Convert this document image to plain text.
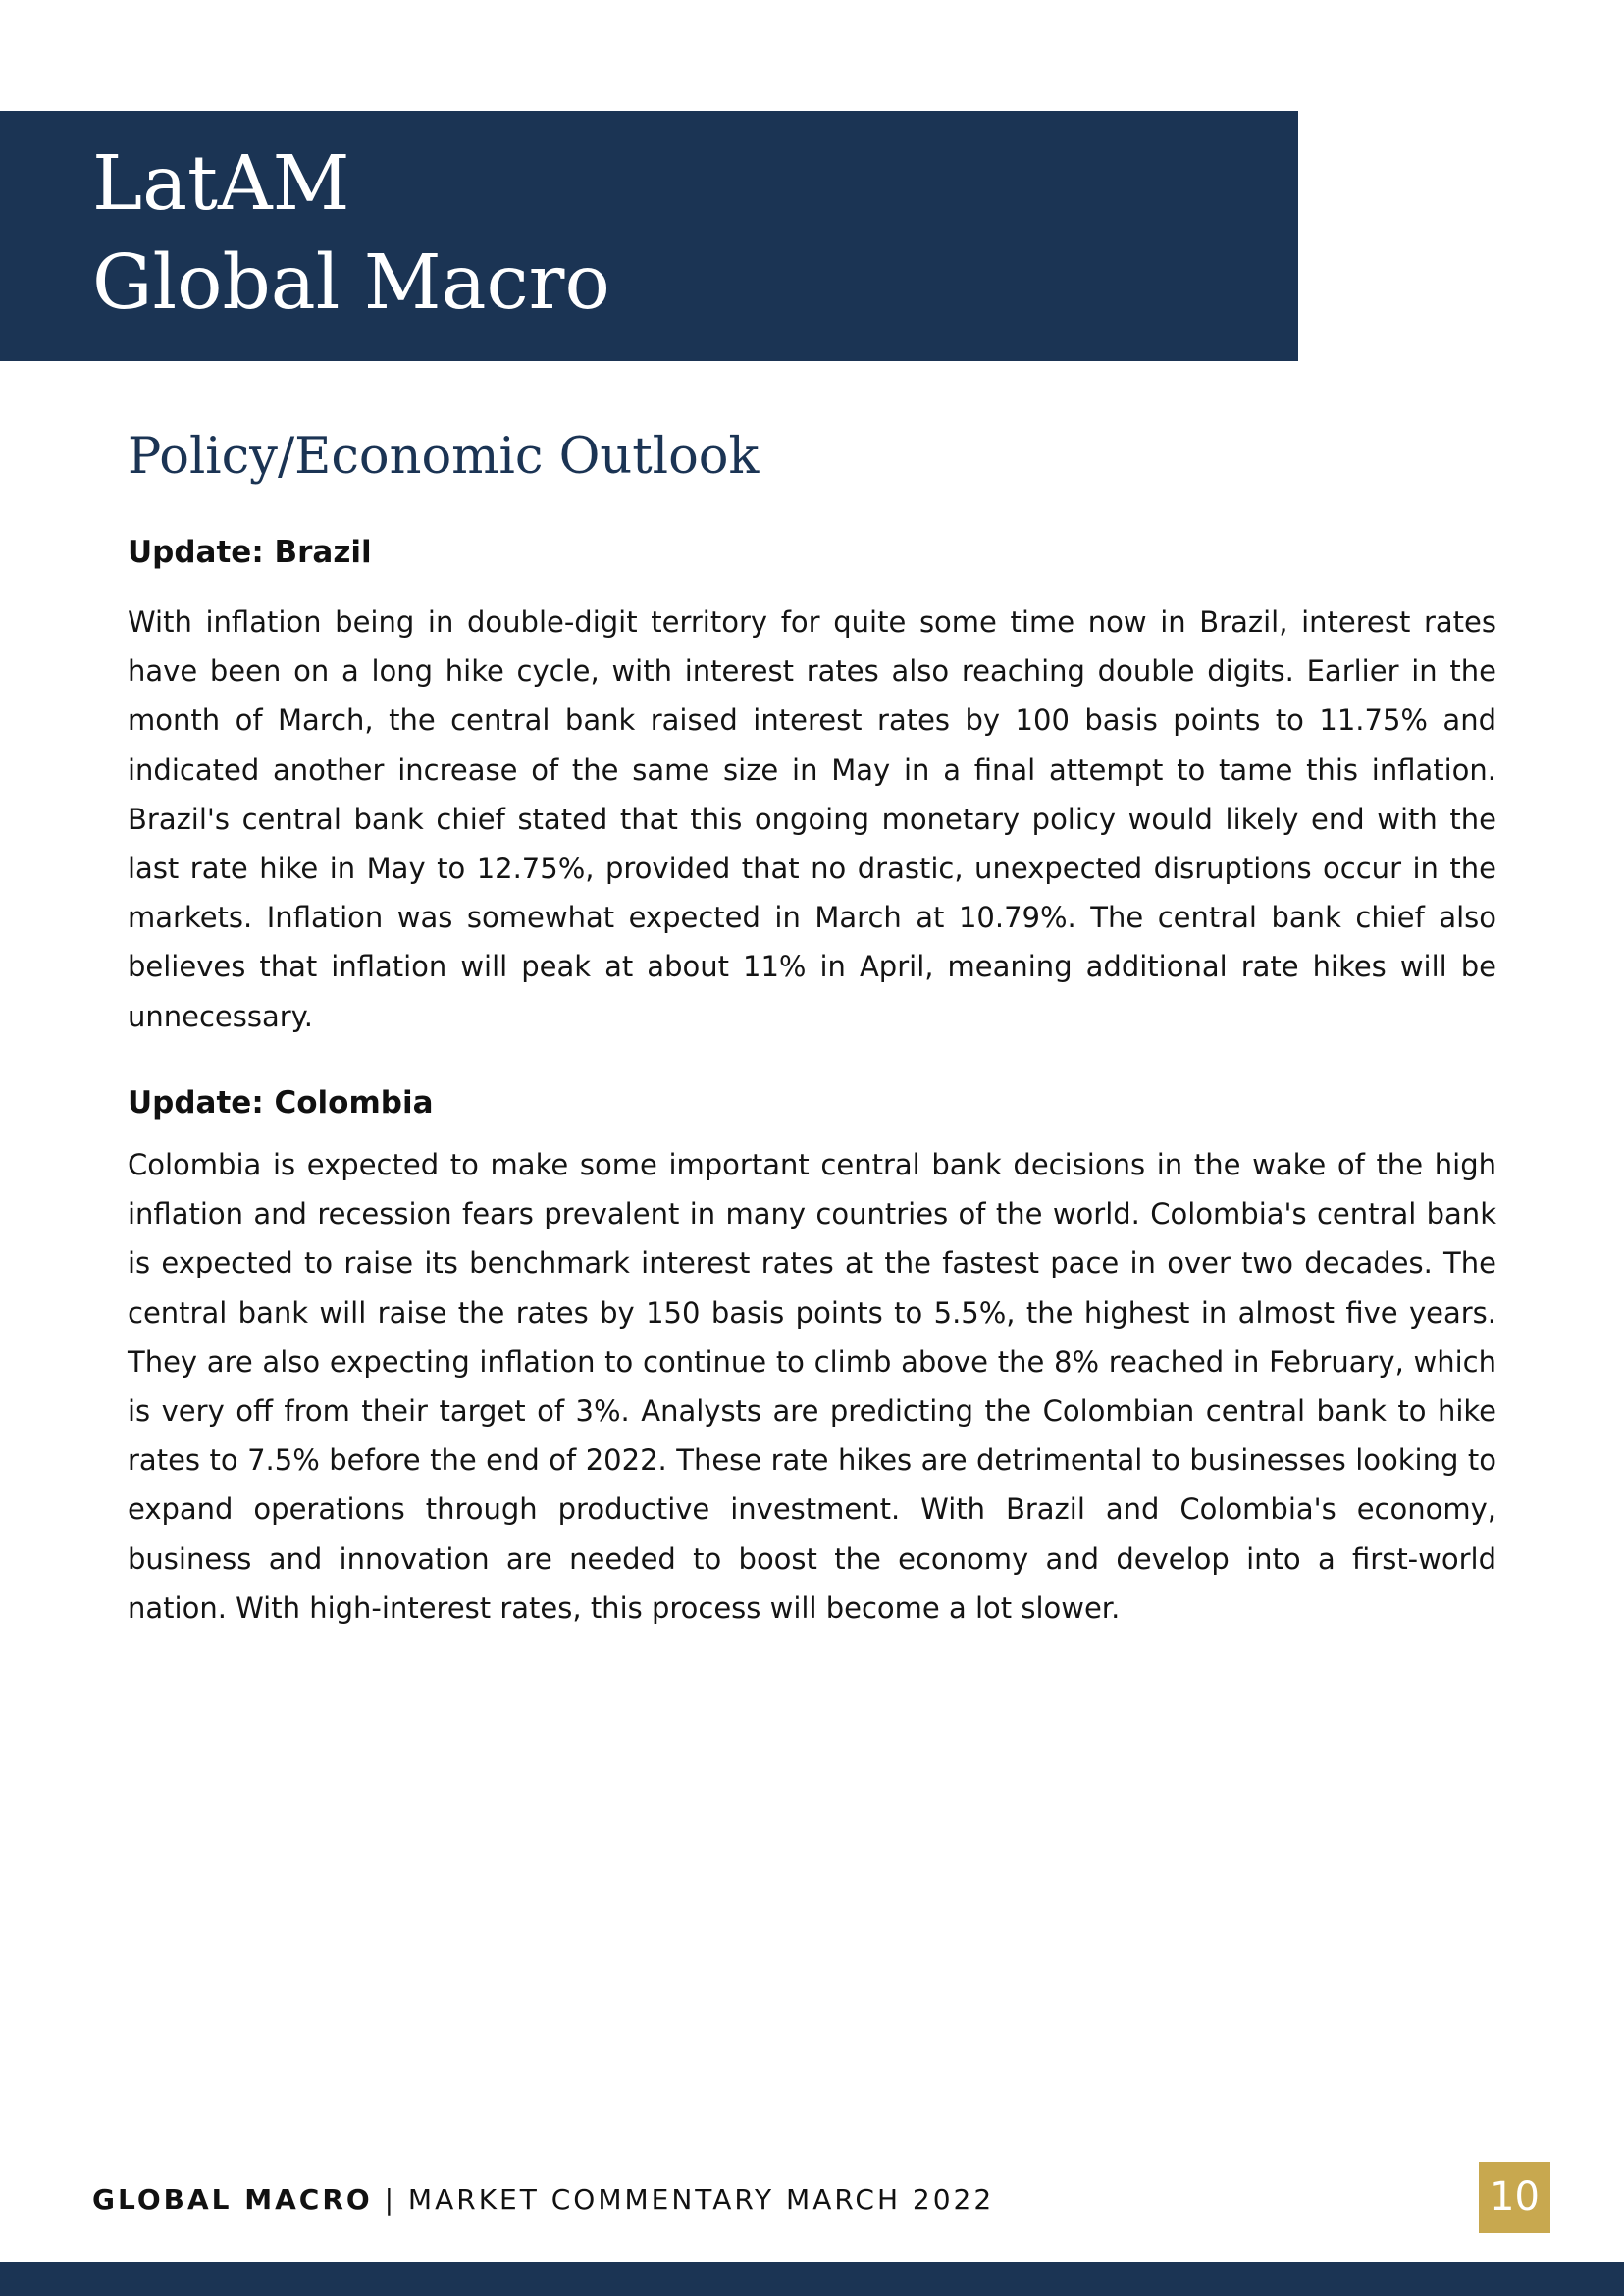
LatAM
Global Macro
Policy/Economic Outlook
Update: Brazil

With inflation being in double-digit territory for quite some time now in Brazil, interest rates have been on a long hike cycle, with interest rates also reaching double digits. Earlier in the month of March, the central bank raised interest rates by 100 basis points to 11.75% and indicated another increase of the same size in May in a final attempt to tame this inflation. Brazil's central bank chief stated that this ongoing monetary policy would likely end with the last rate hike in May to 12.75%, provided that no drastic, unexpected disruptions occur in the markets. Inflation was somewhat expected in March at 10.79%. The central bank chief also believes that inflation will peak at about 11% in April, meaning additional rate hikes will be unnecessary.

Update: Colombia

Colombia is expected to make some important central bank decisions in the wake of the high inflation and recession fears prevalent in many countries of the world. Colombia's central bank is expected to raise its benchmark interest rates at the fastest pace in over two decades. The central bank will raise the rates by 150 basis points to 5.5%, the highest in almost five years. They are also expecting inflation to continue to climb above the 8% reached in February, which is very off from their target of 3%. Analysts are predicting the Colombian central bank to hike rates to 7.5% before the end of 2022. These rate hikes are detrimental to businesses looking to expand operations through productive investment. With Brazil and Colombia's economy, business and innovation are needed to boost the economy and develop into a first-world nation. With high-interest rates, this process will become a lot slower.

GLOBAL MACRO | MARKET COMMENTARY MARCH 2022	10
